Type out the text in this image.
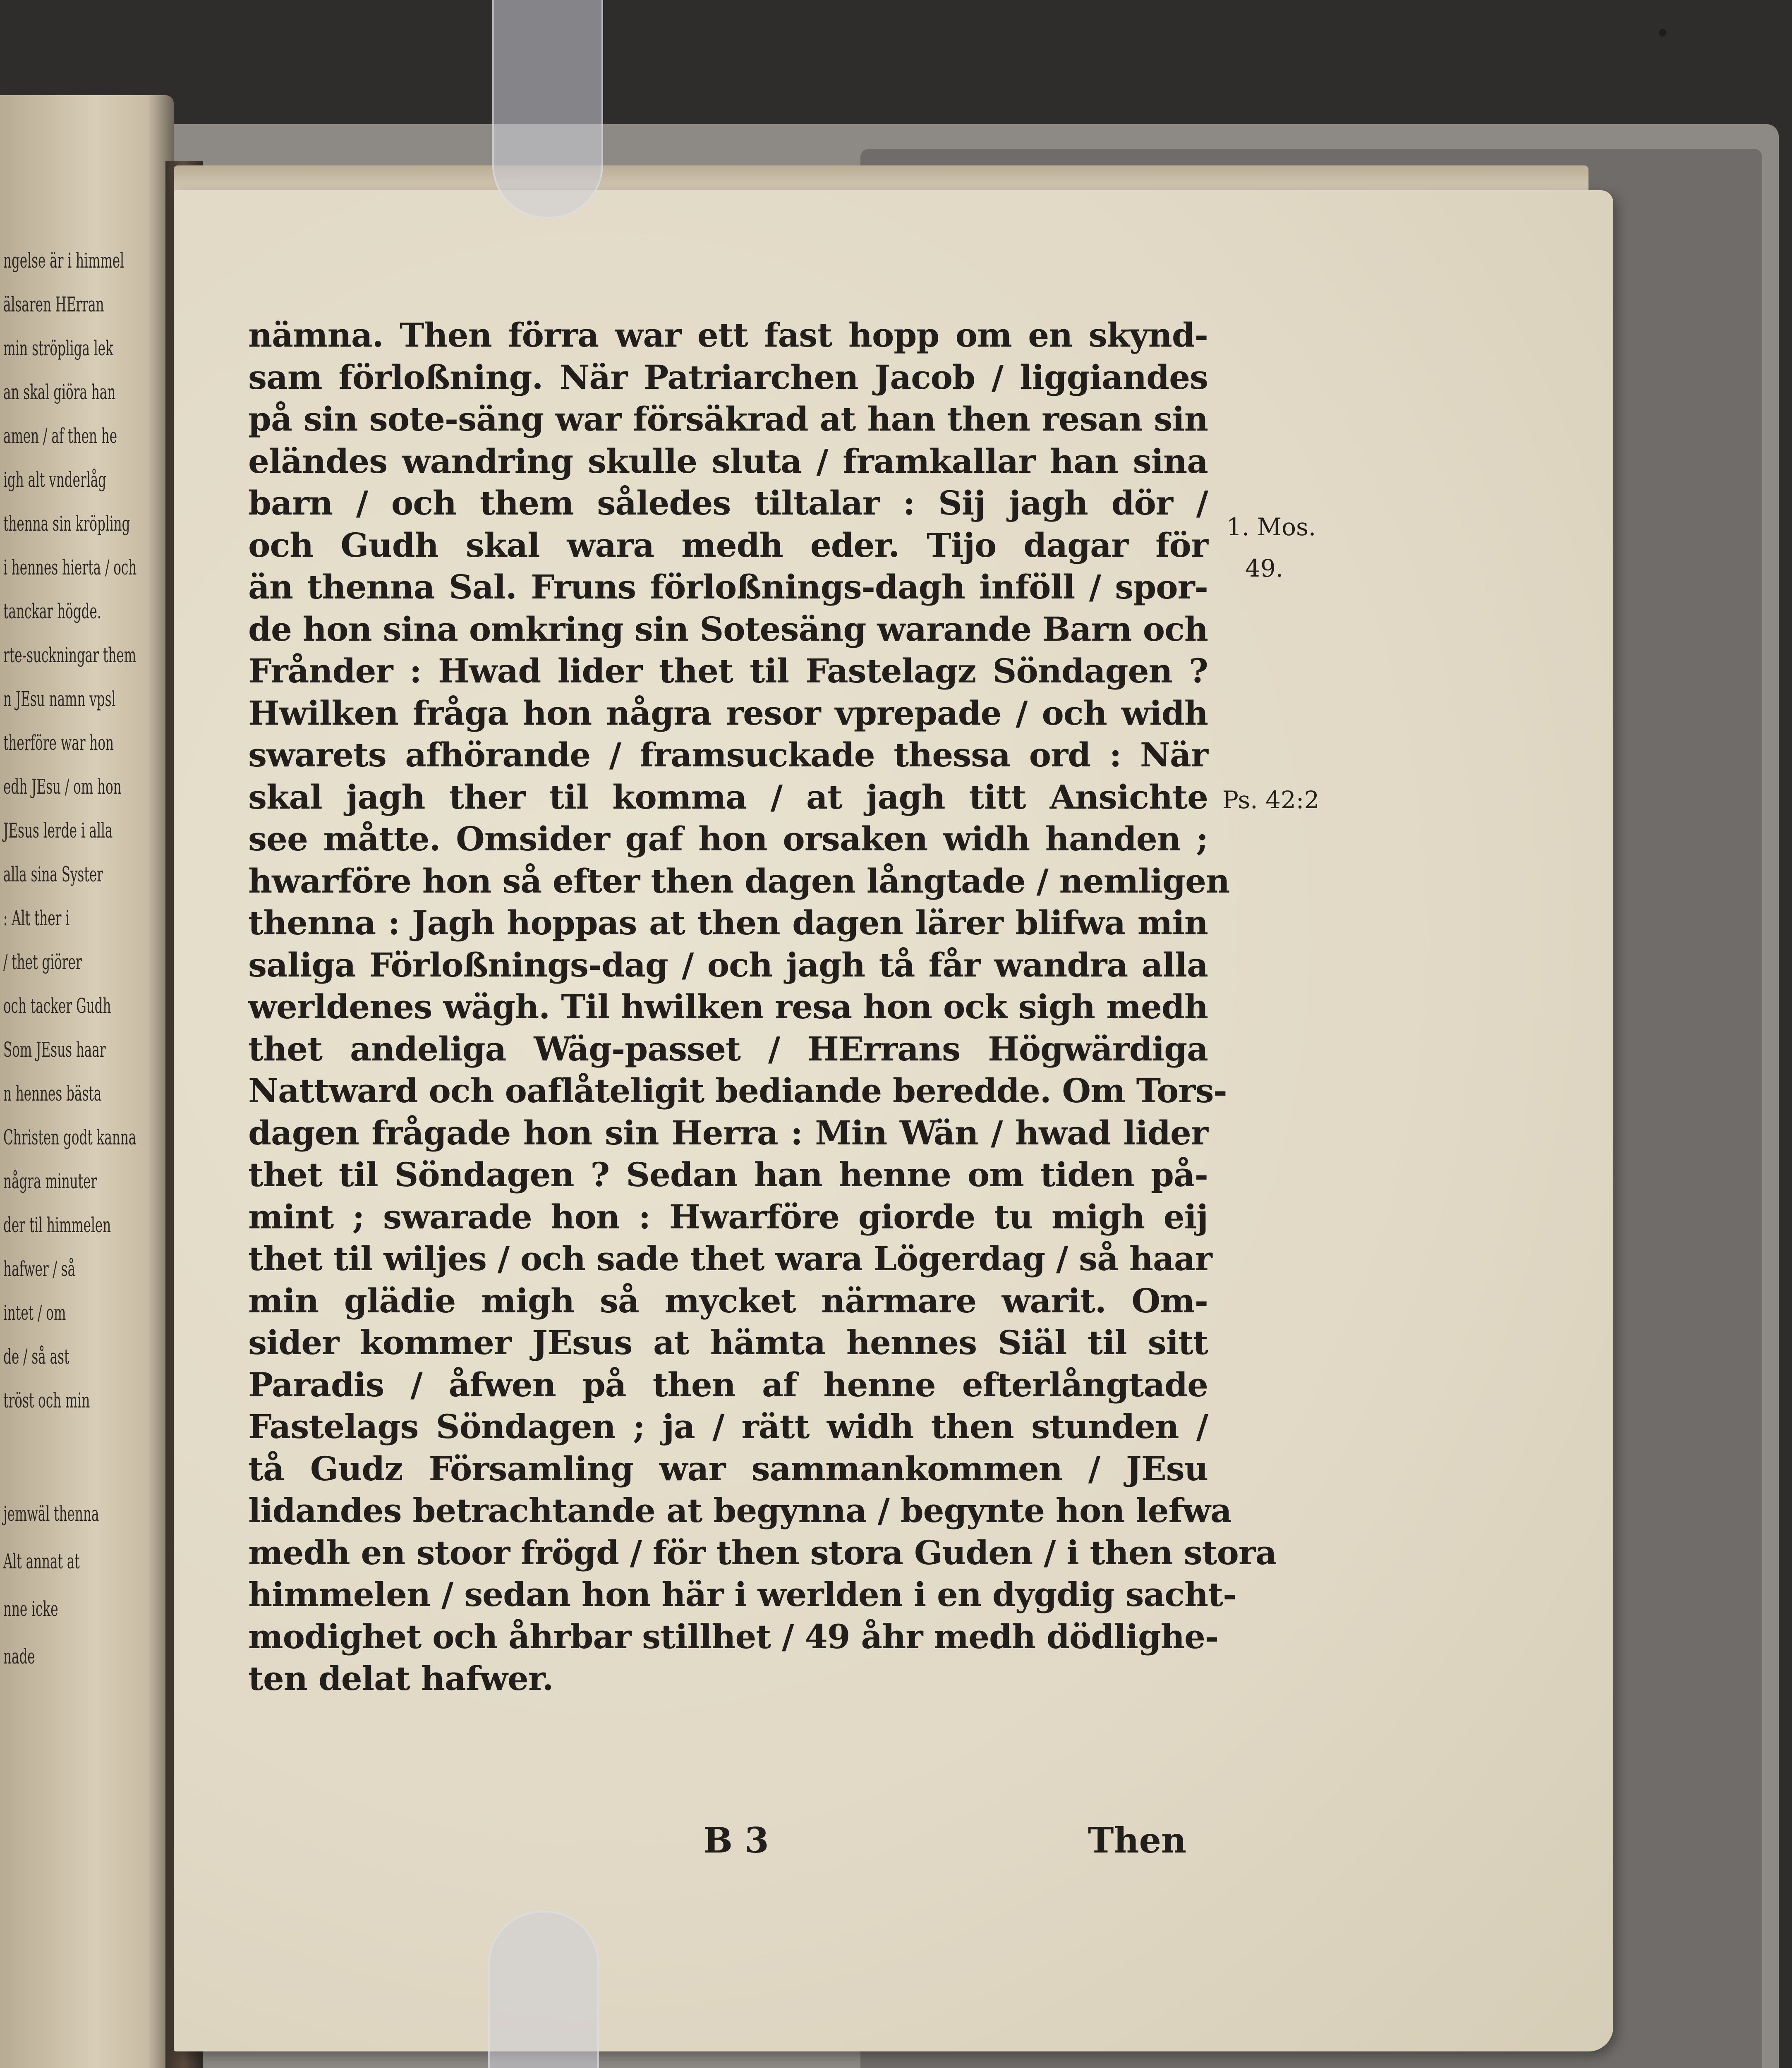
ngelse är i himmel
älsaren HErran
min ströpliga lek
an skal giöra han
amen / af then he
igh alt vnderlåg
thenna sin kröpling
i hennes hierta / och
tanckar högde.
rte-suckningar them
n JEsu namn vpsl
therföre war hon
edh JEsu / om hon
JEsus lerde i alla
alla sina Syster
: Alt ther i
/ thet giörer
och tacker Gudh
Som JEsus haar
n hennes bästa
Christen godt kanna
några minuter
der til himmelen
hafwer / så
intet / om
de / så ast
tröst och min
jemwäl thenna
Alt annat at
nne icke
nade
nämna. Then förra war ett fast hopp om en skynd-
sam förloßning. När Patriarchen Jacob / liggiandes
på sin sote-säng war försäkrad at han then resan sin
eländes wandring skulle sluta / framkallar han sina
barn / och them således tiltalar : Sij jagh dör /
och Gudh skal wara medh eder. Tijo dagar för
än thenna Sal. Fruns förloßnings-dagh inföll / spor-
de hon sina omkring sin Sotesäng warande Barn och
Frånder : Hwad lider thet til Fastelagz Söndagen ?
Hwilken fråga hon några resor vprepade / och widh
swarets afhörande / framsuckade thessa ord : När
skal jagh ther til komma / at jagh titt Ansichte
see måtte. Omsider gaf hon orsaken widh handen ;
hwarföre hon så efter then dagen långtade / nemligen
thenna : Jagh hoppas at then dagen lärer blifwa min
saliga Förloßnings-dag / och jagh tå får wandra alla
werldenes wägh. Til hwilken resa hon ock sigh medh
thet andeliga Wäg-passet / HErrans Högwärdiga
Nattward och oaflåteligit bediande beredde. Om Tors-
dagen frågade hon sin Herra : Min Wän / hwad lider
thet til Söndagen ? Sedan han henne om tiden på-
mint ; swarade hon : Hwarföre giorde tu migh eij
thet til wiljes / och sade thet wara Lögerdag / så haar
min glädie migh så mycket närmare warit. Om-
sider kommer JEsus at hämta hennes Siäl til sitt
Paradis / åfwen på then af henne efterlångtade
Fastelags Söndagen ; ja / rätt widh then stunden /
tå Gudz Församling war sammankommen / JEsu
lidandes betrachtande at begynna / begynte hon lefwa
medh en stoor frögd / för then stora Guden / i then stora
himmelen / sedan hon här i werlden i en dygdig sacht-
modighet och åhrbar stillhet / 49 åhr medh dödlighe-
ten delat hafwer.
1. Mos.
49.
Ps. 42:2
B 3	Then
